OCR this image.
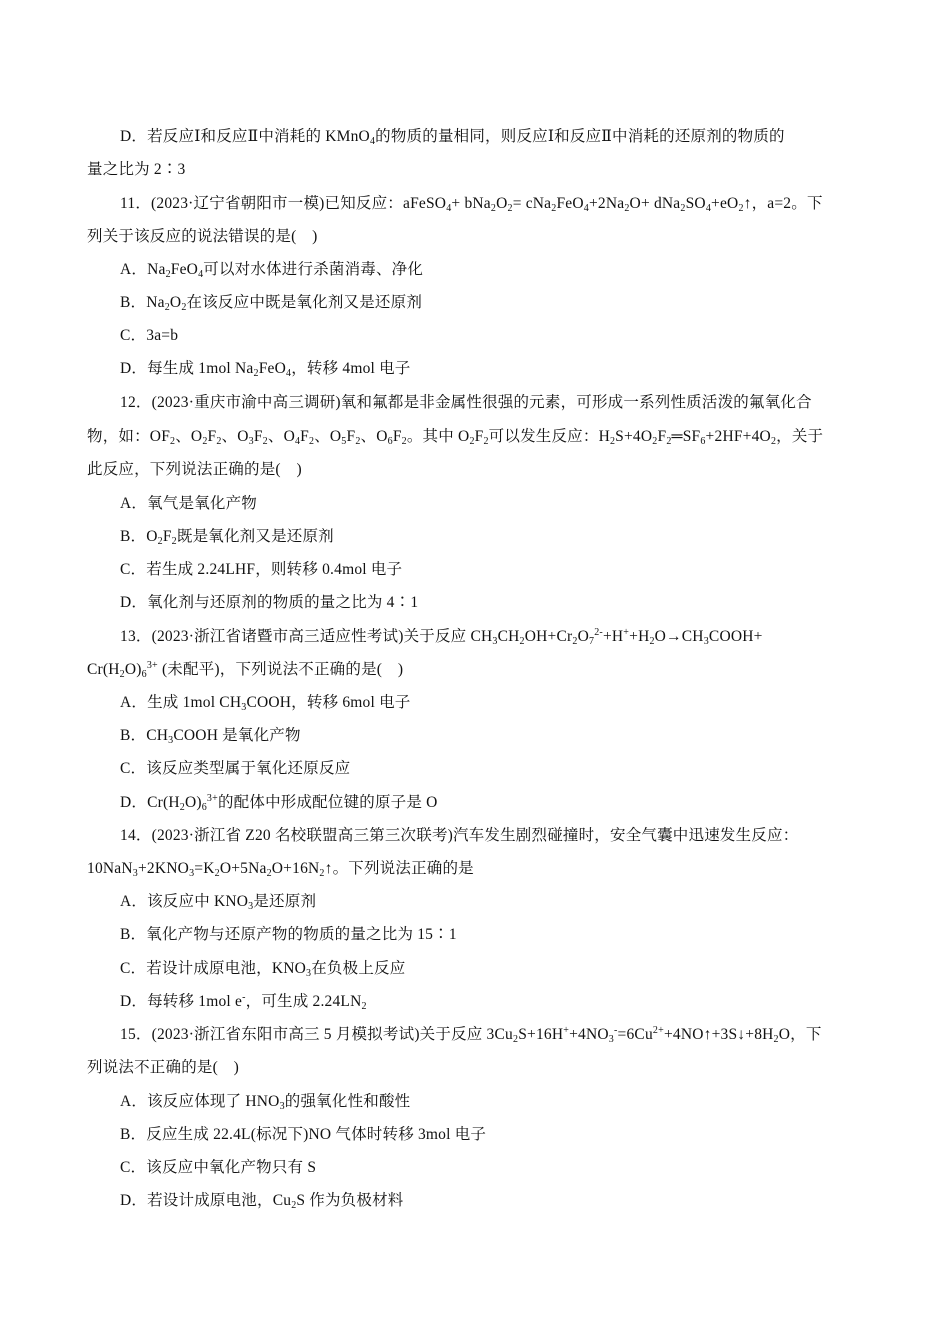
D．若反应Ⅰ和反应Ⅱ中消耗的 KMnO$_4$的物质的量相同，则反应Ⅰ和反应Ⅱ中消耗的还原剂的物质的
量之比为 2∶3
11．(2023·辽宁省朝阳市一模)已知反应：aFeSO$_4$+ $bNa_2O_2= cNa_2FeO_4+2Na_2O+$ $dNa_2SO_4+eO_2↑$，a=2。下
列关于该反应的说法错误的是(　)
A．$Na_2FeO_4$可以对水体进行杀菌消毒、净化
B．$Na_2O_2$在该反应中既是氧化剂又是还原剂
C．3a=b
D．每生成 1mol $Na_2FeO_4$，转移 4mol 电子
12．(2023·重庆市渝中高三调研)氧和氟都是非金属性很强的元素，可形成一系列性质活泼的氟氧化合
物，如：$OF_2$、$O_2F_2$、$O_3F_2$、$O_4F_2$、$O_5F_2$、$O_6F_2$。其中 $O_2F_2$可以发生反应：$H_2S+4O_2F_2═SF_6+2HF+4O_2$，关于
此反应，下列说法正确的是(　)
A．氧气是氧化产物
B．$O_2F_2$既是氧化剂又是还原剂
C．若生成 2.24LHF，则转移 0.4mol 电子
D．氧化剂与还原剂的物质的量之比为 4∶1
13．(2023·浙江省诸暨市高三适应性考试)关于反应 $CH_3CH_2OH+Cr_2O_7^{2-}+H^++H_2O\to CH_3COOH+$
$Cr(H_2O)_6^{3+}$ (未配平)，下列说法不正确的是(　)
A．生成 1mol $CH_3COOH$，转移 6mol 电子
B．$CH_3COOH$ 是氧化产物
C．该反应类型属于氧化还原反应
D．$Cr(H_2O)_6^{3+}$的配体中形成配位键的原子是 O
14．(2023·浙江省 Z20 名校联盟高三第三次联考)汽车发生剧烈碰撞时，安全气囊中迅速发生反应：
$10NaN_3+2KNO_3=K_2O+5Na_2O+16N_2↑$。下列说法正确的是
A．该反应中 $KNO_3$是还原剂
B．氧化产物与还原产物的物质的量之比为 15∶1
C．若设计成原电池，$KNO_3$在负极上反应
D．每转移 1mol e-，可生成 $2.24LN_2$
15．(2023·浙江省东阳市高三 5 月模拟考试)关于反应 $3Cu_2S+16H^++4NO_3^-=6Cu^{2+}+4NO↑+3S↓+8H_2O$，下
列说法不正确的是(　)
A．该反应体现了 $HNO_3$的强氧化性和酸性
B．反应生成 22.4L(标况下)NO 气体时转移 3mol 电子
C．该反应中氧化产物只有 S
D．若设计成原电池，$Cu_2S$ 作为负极材料
